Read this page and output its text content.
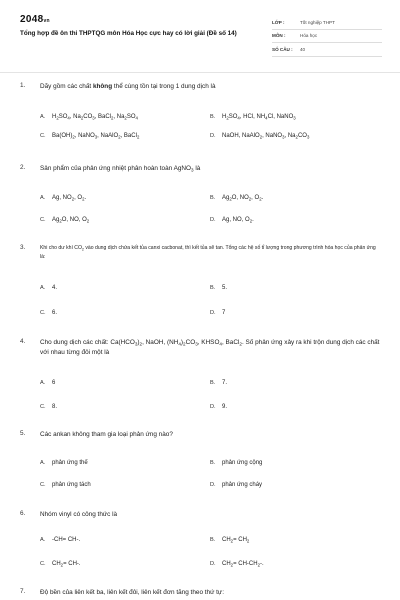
2048vn
Tổng hợp đề ôn thi THPTQG môn Hóa Học cực hay có lời giải (Đề số 14)
LỚP :	Tốt nghiệp THPT
MÔN :	Hóa học
SỐ CÂU :	40
1. Dãy gồm các chất không thể cùng tồn tại trong 1 dung dịch là
2. Sản phẩm của phản ứng nhiệt phân hoàn toàn AgNO$_3$ là
3.	Khi cho dư khí $CO_2$ vào dung dịch chứa kết tủa canxi cacbonat, thì kết tủa sẽ tan. Tổng các hệ số tỉ lượng trong phương trình hóa học của phản ứng là:
4. Cho dung dịch các chất: $Ca(HCO_3)_2$, NaOH, $(NH_4)_2CO_3$, $KHSO_4$, BaCl$_2$. Số phản ứng xảy ra khi trộn dung dịch các chất với nhau từng đôi một là
5. Các ankan không tham gia loại phản ứng nào?
6. Nhóm vinyl có công thức là
7. Độ bền của liên kết ba, liên kết đôi, liên kết đơn tăng theo thứ tự:
A.	$H_2SO_4$, $Na_2CO_3$, BaCl$_2$, $Na_2SO_4$	B.	$H_2SO_4$, HCl, $NH_4Cl$, NaNO$_3$
C.	$Ba(OH)_2$, NaNO$_3$, NaAlO$_2$, BaCl$_2$	D.	NaOH, NaAlO$_2$, NaNO$_3$, $Na_2CO_3$
A.	Ag, $NO_2$, $O_2$.	B.	$Ag_2O$, $NO_2$, $O_2$.
C.	$Ag_2O$, NO, $O_2$	D.	Ag, NO, $O_2$.
A.	4.	B.	5.
C.	6.	D.	7
A.	6	B.	7.
C.	8.	D.	9.
A.	phản ứng thế	B.	phản ứng cộng
C.	phản ứng tách	D.	phản ứng cháy
A.	-CH= CH-.	B.	$CH_2= CH_2$
C.	$CH_2= CH-$.	D.	$CH_2= CH-CH_2-$.
